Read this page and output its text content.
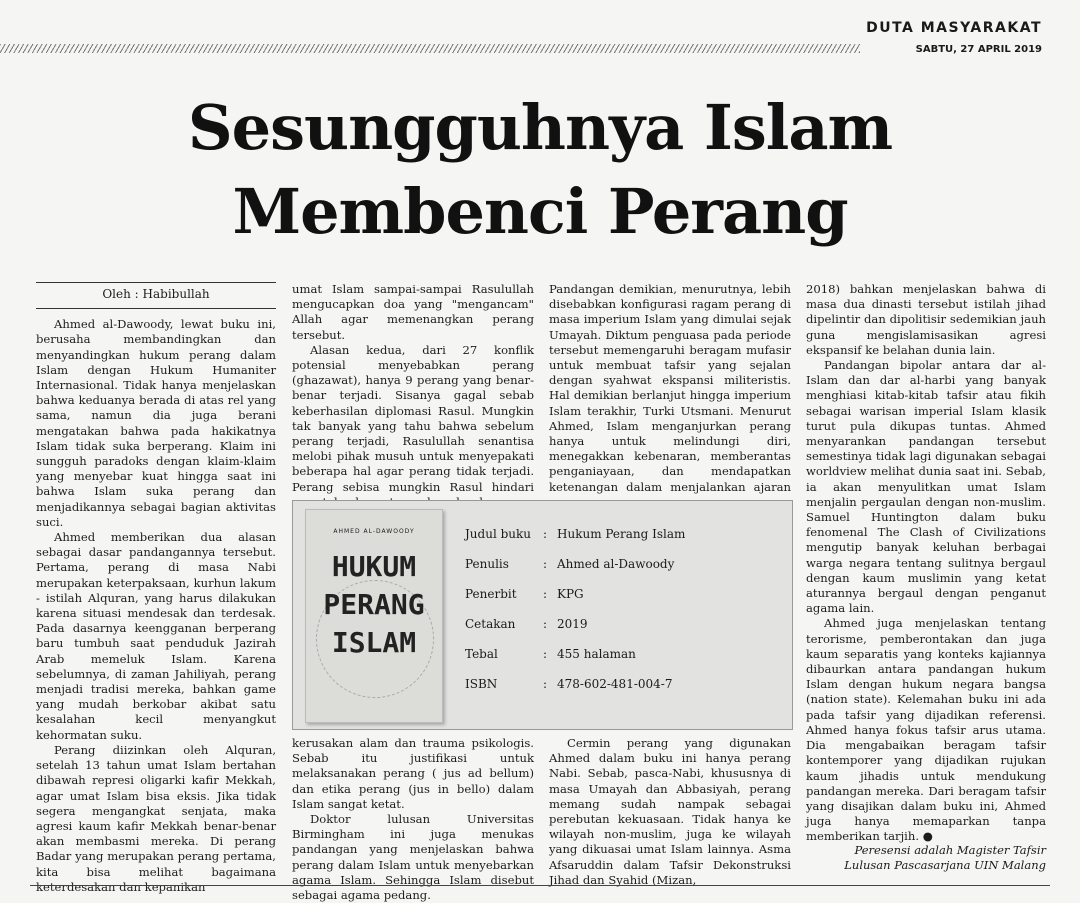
DUTA MASYARAKAT
SABTU, 27 APRIL 2019
Sesungguhnya Islam
Membenci Perang
Oleh : Habibullah

Ahmed al-Dawoody, lewat buku ini, berusaha membandingkan dan menyandingkan hukum perang dalam Islam dengan Hukum Humaniter Internasional. Tidak hanya menjelaskan bahwa keduanya berada di atas rel yang sama, namun dia juga berani mengatakan bahwa pada hakikatnya Islam tidak suka berperang. Klaim ini sungguh paradoks dengan klaim-klaim yang menyebar kuat hingga saat ini bahwa Islam suka perang dan menjadikannya sebagai bagian aktivitas suci.

Ahmed memberikan dua alasan sebagai dasar pandangannya tersebut. Pertama, perang di masa Nabi merupakan keterpaksaan, kurhun lakum - istilah Alquran, yang harus dilakukan karena situasi mendesak dan terdesak. Pada dasarnya keengganan berperang baru tumbuh saat penduduk Jazirah Arab memeluk Islam. Karena sebelumnya, di zaman Jahiliyah, perang menjadi tradisi mereka, bahkan game yang mudah berkobar akibat satu kesalahan kecil menyangkut kehormatan suku.

Perang diizinkan oleh Alquran, setelah 13 tahun umat Islam bertahan dibawah represi oligarki kafir Mekkah, agar umat Islam bisa eksis. Jika tidak segera mengangkat senjata, maka agresi kaum kafir Mekkah benar-benar akan membasmi mereka. Di perang Badar yang merupakan perang pertama, kita bisa melihat bagaimana keterdesakan dan kepanikan

umat Islam sampai-sampai Rasulullah mengucapkan doa yang "mengancam" Allah agar memenangkan perang tersebut.

Alasan kedua, dari 27 konflik potensial menyebabkan perang (ghazawat), hanya 9 perang yang benar-benar terjadi. Sisanya gagal sebab keberhasilan diplomasi Rasul. Mungkin tak banyak yang tahu bahwa sebelum perang terjadi, Rasulullah senantisa melobi pihak musuh untuk menyepakati beberapa hal agar perang tidak terjadi. Perang sebisa mungkin Rasul hindari

Pandangan demikian, menurutnya, lebih disebabkan konfigurasi ragam perang di masa imperium Islam yang dimulai sejak Umayah. Diktum penguasa pada periode tersebut memengaruhi beragam mufasir untuk membuat tafsir yang sejalan dengan syahwat ekspansi militeristis. Hal demikian berlanjut hingga imperium Islam terakhir, Turki Utsmani. Menurut Ahmed, Islam menganjurkan perang hanya untuk melindungi diri, menegakkan kebenaran, memberantas penganiayaan, dan mendapatkan ketenangan dalam menjalankan ajaran

AHMED AL-DAWOODY
HUKUM
PERANG
ISLAM
Judul buku : Hukum Perang Islam
Penulis	: Ahmed al-Dawoody
Penerbit	: KPG
Cetakan	: 2019
Tebal	: 455 halaman
ISBN	: 478-602-481-004-7

kerusakan alam dan trauma psikologis. Sebab itu justifikasi untuk melaksanakan perang ( jus ad bellum) dan etika perang (jus in bello) dalam Islam sangat ketat.

Doktor lulusan Universitas Birmingham ini juga menukas pandangan yang menjelaskan bahwa perang dalam Islam untuk menyebarkan agama Islam. Sehingga Islam disebut sebagai agama pedang.

Cermin perang yang digunakan Ahmed dalam buku ini hanya perang Nabi. Sebab, pasca-Nabi, khususnya di masa Umayah dan Abbasiyah, perang memang sudah nampak sebagai perebutan kekuasaan. Tidak hanya ke wilayah non-muslim, juga ke wilayah yang dikuasai umat Islam lainnya. Asma Afsaruddin dalam Tafsir Dekonstruksi Jihad dan Syahid (Mizan,

2018) bahkan menjelaskan bahwa di masa dua dinasti tersebut istilah jihad dipelintir dan dipolitisir sedemikian jauh guna mengislamisasikan agresi ekspansif ke belahan dunia lain.

Pandangan bipolar antara dar al-Islam dan dar al-harbi yang banyak menghiasi kitab-kitab tafsir atau fikih sebagai warisan imperial Islam klasik turut pula dikupas tuntas. Ahmed menyarankan pandangan tersebut semestinya tidak lagi digunakan sebagai worldview melihat dunia saat ini. Sebab, ia akan menyulitkan umat Islam menjalin pergaulan dengan non-muslim. Samuel Huntington dalam buku fenomenal The Clash of Civilizations mengutip banyak keluhan berbagai warga negara tentang sulitnya bergaul dengan kaum muslimin yang ketat aturannya bergaul dengan penganut agama lain.

Ahmed juga menjelaskan tentang terorisme, pemberontakan dan juga kaum separatis yang konteks kajiannya dibaurkan antara pandangan hukum Islam dengan hukum negara bangsa (nation state). Kelemahan buku ini ada pada tafsir yang dijadikan referensi. Ahmed hanya fokus tafsir arus utama. Dia mengabaikan beragam tafsir kontemporer yang dijadikan rujukan kaum jihadis untuk mendukung pandangan mereka. Dari beragam tafsir yang disajikan dalam buku ini, Ahmed juga hanya memaparkan tanpa memberikan tarjih. ●

Peresensi adalah Magister Tafsir
Lulusan Pascasarjana UIN Malang
